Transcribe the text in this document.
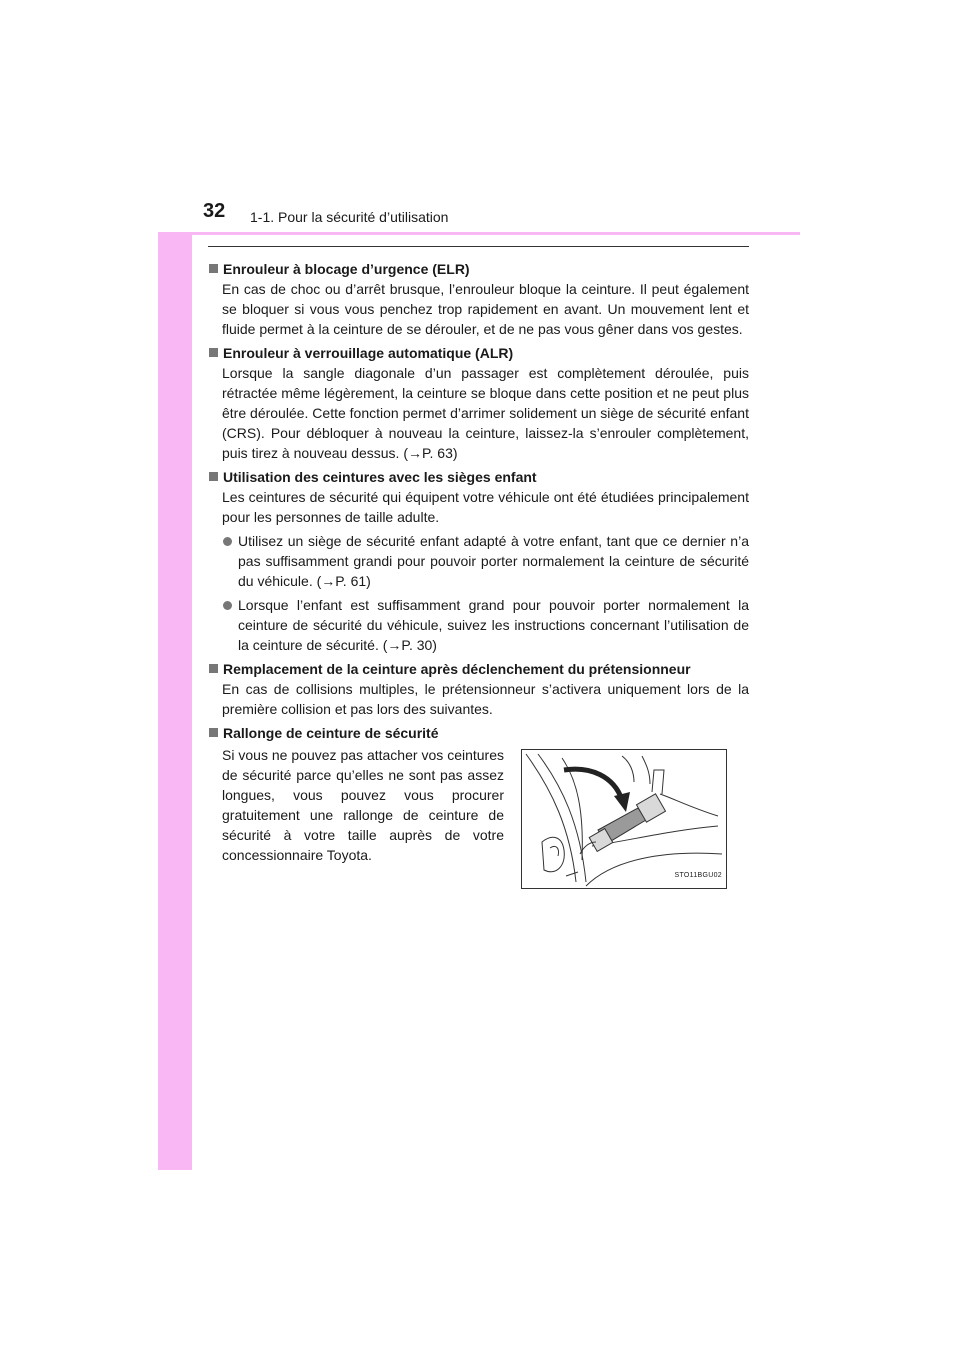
32 1-1. Pour la sécurité d’utilisation
Enrouleur à blocage d’urgence (ELR)
En cas de choc ou d’arrêt brusque, l’enrouleur bloque la ceinture. Il peut également se bloquer si vous vous penchez trop rapidement en avant. Un mouvement lent et fluide permet à la ceinture de se dérouler, et de ne pas vous gêner dans vos gestes.
Enrouleur à verrouillage automatique (ALR)
Lorsque la sangle diagonale d’un passager est complètement déroulée, puis rétractée même légèrement, la ceinture se bloque dans cette position et ne peut plus être déroulée. Cette fonction permet d’arrimer solidement un siège de sécurité enfant (CRS). Pour débloquer à nouveau la ceinture, laissez-la s’enrouler complètement, puis tirez à nouveau dessus. (→P. 63)
Utilisation des ceintures avec les sièges enfant
Les ceintures de sécurité qui équipent votre véhicule ont été étudiées principalement pour les personnes de taille adulte.
Utilisez un siège de sécurité enfant adapté à votre enfant, tant que ce dernier n’a pas suffisamment grandi pour pouvoir porter normalement la ceinture de sécurité du véhicule. (→P. 61)
Lorsque l’enfant est suffisamment grand pour pouvoir porter normalement la ceinture de sécurité du véhicule, suivez les instructions concernant l’utilisation de la ceinture de sécurité. (→P. 30)
Remplacement de la ceinture après déclenchement du prétensionneur
En cas de collisions multiples, le prétensionneur s’activera uniquement lors de la première collision et pas lors des suivantes.
Rallonge de ceinture de sécurité
Si vous ne pouvez pas attacher vos ceintures de sécurité parce qu’elles ne sont pas assez longues, vous pouvez vous procurer gratuitement une rallonge de ceinture de sécurité à votre taille auprès de votre concessionnaire Toyota.
STO11BGU02
